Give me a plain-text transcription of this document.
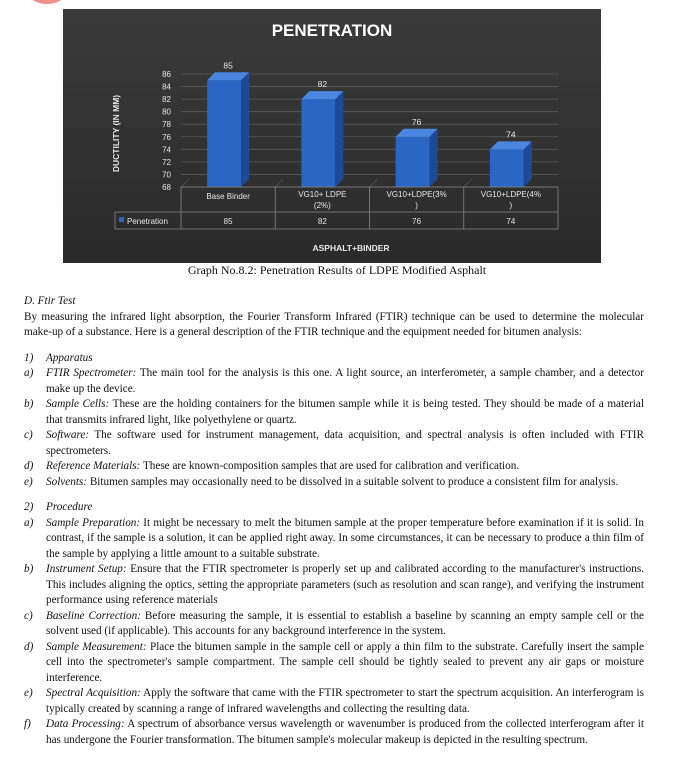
PENETRATION
DUCTILITY (IN MM)
68
70
72
74
76
78
80
82
84
86
85
82
76
74
Base Binder
85
VG10+ LDPE
(2%)
82
VG10+LDPE(3%
)
76
VG10+LDPE(4%
)
74
Penetration
ASPHALT+BINDER
Graph No.8.2: Penetration Results of LDPE Modified Asphalt

D. Ftir Test

By measuring the infrared light absorption, the Fourier Transform Infrared (FTIR) technique can be used to determine the molecular make-up of a substance. Here is a general description of the FTIR technique and the equipment needed for bitumen analysis:

1) Apparatus
a) FTIR Spectrometer: The main tool for the analysis is this one. A light source, an interferometer, a sample chamber, and a detector make up the device.
b) Sample Cells: These are the holding containers for the bitumen sample while it is being tested. They should be made of a material that transmits infrared light, like polyethylene or quartz.
c) Software: The software used for instrument management, data acquisition, and spectral analysis is often included with FTIR spectrometers.
d) Reference Materials: These are known-composition samples that are used for calibration and verification.
e) Solvents: Bitumen samples may occasionally need to be dissolved in a suitable solvent to produce a consistent film for analysis.
2) Procedure
a) Sample Preparation: It might be necessary to melt the bitumen sample at the proper temperature before examination if it is solid. In contrast, if the sample is a solution, it can be applied right away. In some circumstances, it can be necessary to produce a thin film of the sample by applying a little amount to a suitable substrate.
b) Instrument Setup: Ensure that the FTIR spectrometer is properly set up and calibrated according to the manufacturer's instructions. This includes aligning the optics, setting the appropriate parameters (such as resolution and scan range), and verifying the instrument performance using reference materials
c) Baseline Correction: Before measuring the sample, it is essential to establish a baseline by scanning an empty sample cell or the solvent used (if applicable). This accounts for any background interference in the system.
d) Sample Measurement: Place the bitumen sample in the sample cell or apply a thin film to the substrate. Carefully insert the sample cell into the spectrometer's sample compartment. The sample cell should be tightly sealed to prevent any air gaps or moisture interference.
e) Spectral Acquisition: Apply the software that came with the FTIR spectrometer to start the spectrum acquisition. An interferogram is typically created by scanning a range of infrared wavelengths and collecting the resulting data.
f) Data Processing: A spectrum of absorbance versus wavelength or wavenumber is produced from the collected interferogram after it has undergone the Fourier transformation. The bitumen sample's molecular makeup is depicted in the resulting spectrum.
